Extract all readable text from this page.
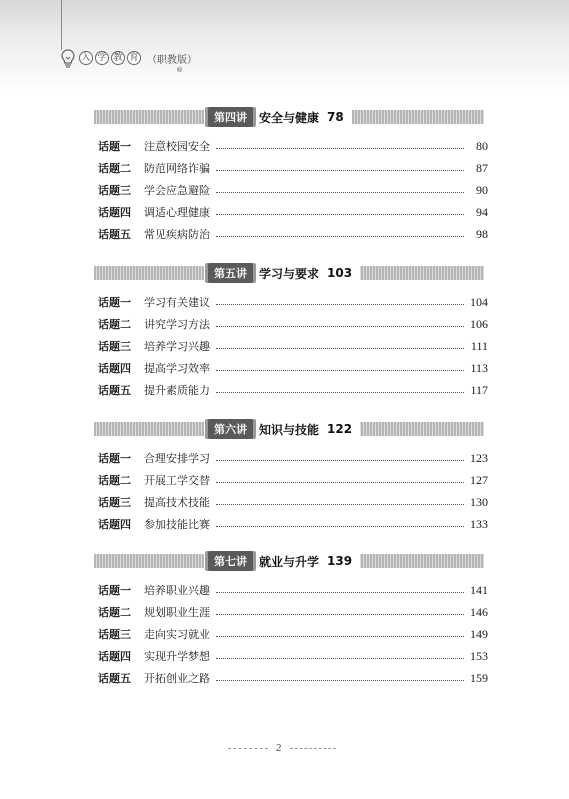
入 学 教 育 （职教版）
®
第四讲	安全与健康 78
话题一	注意校园安全	80
话题二	防范网络诈骗	87
话题三	学会应急避险	90
话题四	调适心理健康	94
话题五	常见疾病防治	98
第五讲	学习与要求 103
话题一	学习有关建议	104
话题二	讲究学习方法	106
话题三	培养学习兴趣	111
话题四	提高学习效率	113
话题五	提升素质能力	117
第六讲	知识与技能 122
话题一	合理安排学习	123
话题二	开展工学交替	127
话题三	提高技术技能	130
话题四	参加技能比赛	133
第七讲	就业与升学 139
话题一	培养职业兴趣	141
话题二	规划职业生涯	146
话题三	走向实习就业	149
话题四	实现升学梦想	153
话题五	开拓创业之路	159
2
